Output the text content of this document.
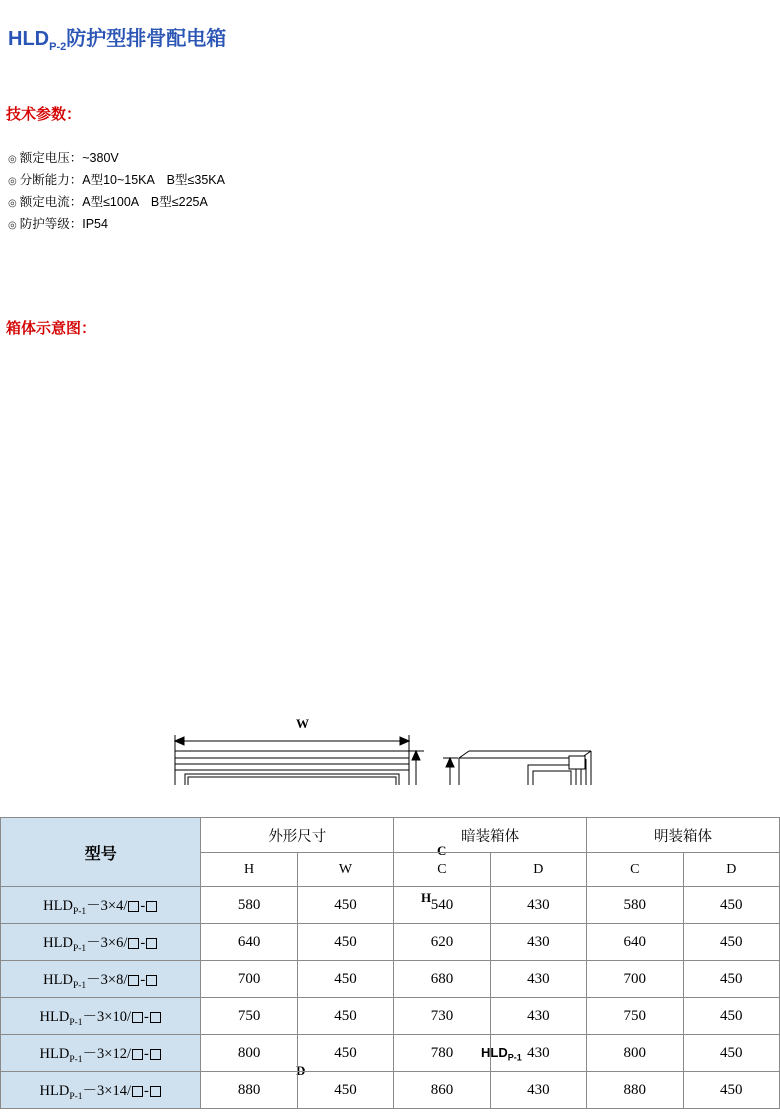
$HLD_{P-2}$防护型排骨配电箱
技术参数：
◎ 额定电压：~380V
◎ 分断能力：A型10~15KA　B型≤35KA
◎ 额定电流：A型≤100A　B型≤225A
◎ 防护等级：IP54
箱体示意图：
W
H
C
D
$HLD_{P-1}$
型号	外形尺寸		暗装箱体		明装箱体	
	H	W	C	D	C	D
$HLD_{P-1}-3\times 4/$ -	580	450	540	430	580	450
$HLD_{P-1}-3\times 6/$ -	640	450	620	430	640	450
$HLD_{P-1}-3\times 8/$ -	700	450	680	430	700	450
$HLD_{P-1}-3\times 10/$ -	750	450	730	430	750	450
$HLD_{P-1}-3\times 12/$ -	800	450	780	430	800	450
$HLD_{P-1}-3\times 14/$ -	880	450	860	430	880	450
